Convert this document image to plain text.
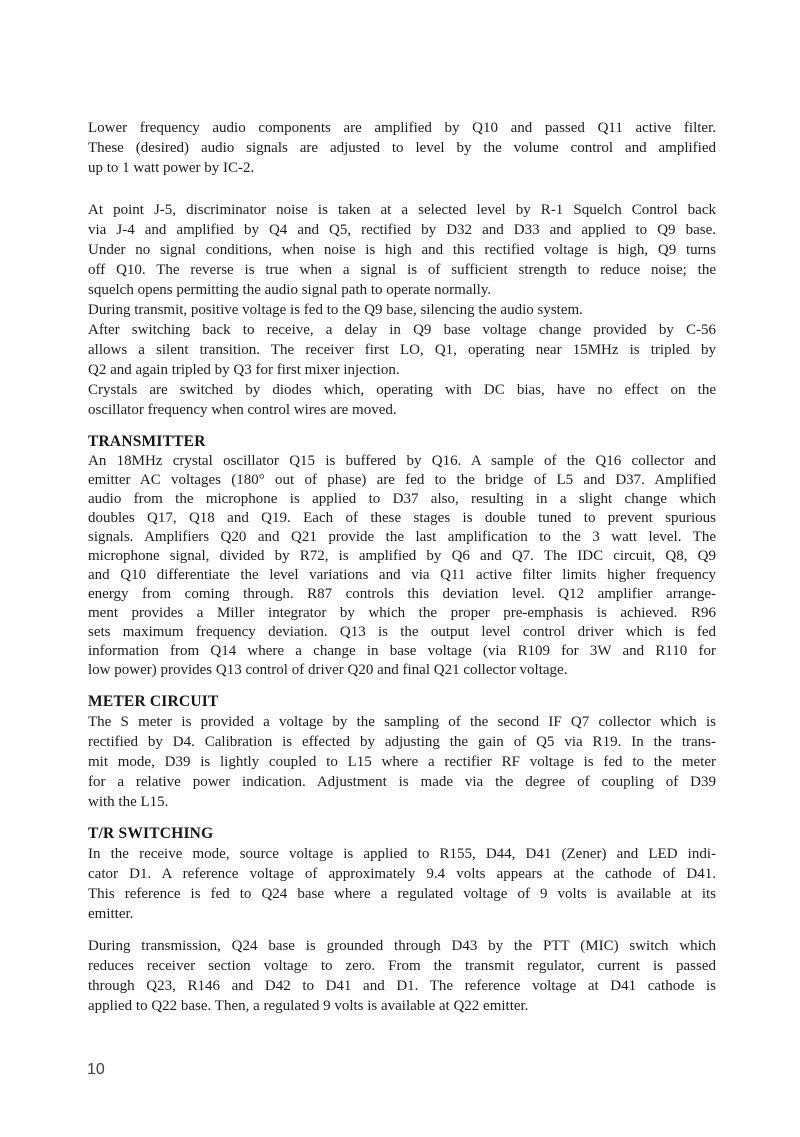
Lower frequency audio components are amplified by Q10 and passed Q11 active filter.
These (desired) audio signals are adjusted to level by the volume control and amplified
up to 1 watt power by IC-2.
At point J-5, discriminator noise is taken at a selected level by R-1 Squelch Control back
via J-4 and amplified by Q4 and Q5, rectified by D32 and D33 and applied to Q9 base.
Under no signal conditions, when noise is high and this rectified voltage is high, Q9 turns
off Q10. The reverse is true when a signal is of sufficient strength to reduce noise; the
squelch opens permitting the audio signal path to operate normally.
During transmit, positive voltage is fed to the Q9 base, silencing the audio system.
After switching back to receive, a delay in Q9 base voltage change provided by C-56
allows a silent transition. The receiver first LO, Q1, operating near 15MHz is tripled by
Q2 and again tripled by Q3 for first mixer injection.
Crystals are switched by diodes which, operating with DC bias, have no effect on the
oscillator frequency when control wires are moved.
TRANSMITTER
An 18MHz crystal oscillator Q15 is buffered by Q16. A sample of the Q16 collector and
emitter AC voltages (180° out of phase) are fed to the bridge of L5 and D37. Amplified
audio from the microphone is applied to D37 also, resulting in a slight change which
doubles Q17, Q18 and Q19. Each of these stages is double tuned to prevent spurious
signals. Amplifiers Q20 and Q21 provide the last amplification to the 3 watt level. The
microphone signal, divided by R72, is amplified by Q6 and Q7. The IDC circuit, Q8, Q9
and Q10 differentiate the level variations and via Q11 active filter limits higher frequency
energy from coming through. R87 controls this deviation level. Q12 amplifier arrange-
ment provides a Miller integrator by which the proper pre-emphasis is achieved. R96
sets maximum frequency deviation. Q13 is the output level control driver which is fed
information from Q14 where a change in base voltage (via R109 for 3W and R110 for
low power) provides Q13 control of driver Q20 and final Q21 collector voltage.
METER CIRCUIT
The S meter is provided a voltage by the sampling of the second IF Q7 collector which is
rectified by D4. Calibration is effected by adjusting the gain of Q5 via R19. In the trans-
mit mode, D39 is lightly coupled to L15 where a rectifier RF voltage is fed to the meter
for a relative power indication. Adjustment is made via the degree of coupling of D39
with the L15.
T/R SWITCHING
In the receive mode, source voltage is applied to R155, D44, D41 (Zener) and LED indi-
cator D1. A reference voltage of approximately 9.4 volts appears at the cathode of D41.
This reference is fed to Q24 base where a regulated voltage of 9 volts is available at its
emitter.
During transmission, Q24 base is grounded through D43 by the PTT (MIC) switch which
reduces receiver section voltage to zero. From the transmit regulator, current is passed
through Q23, R146 and D42 to D41 and D1. The reference voltage at D41 cathode is
applied to Q22 base. Then, a regulated 9 volts is available at Q22 emitter.
10
